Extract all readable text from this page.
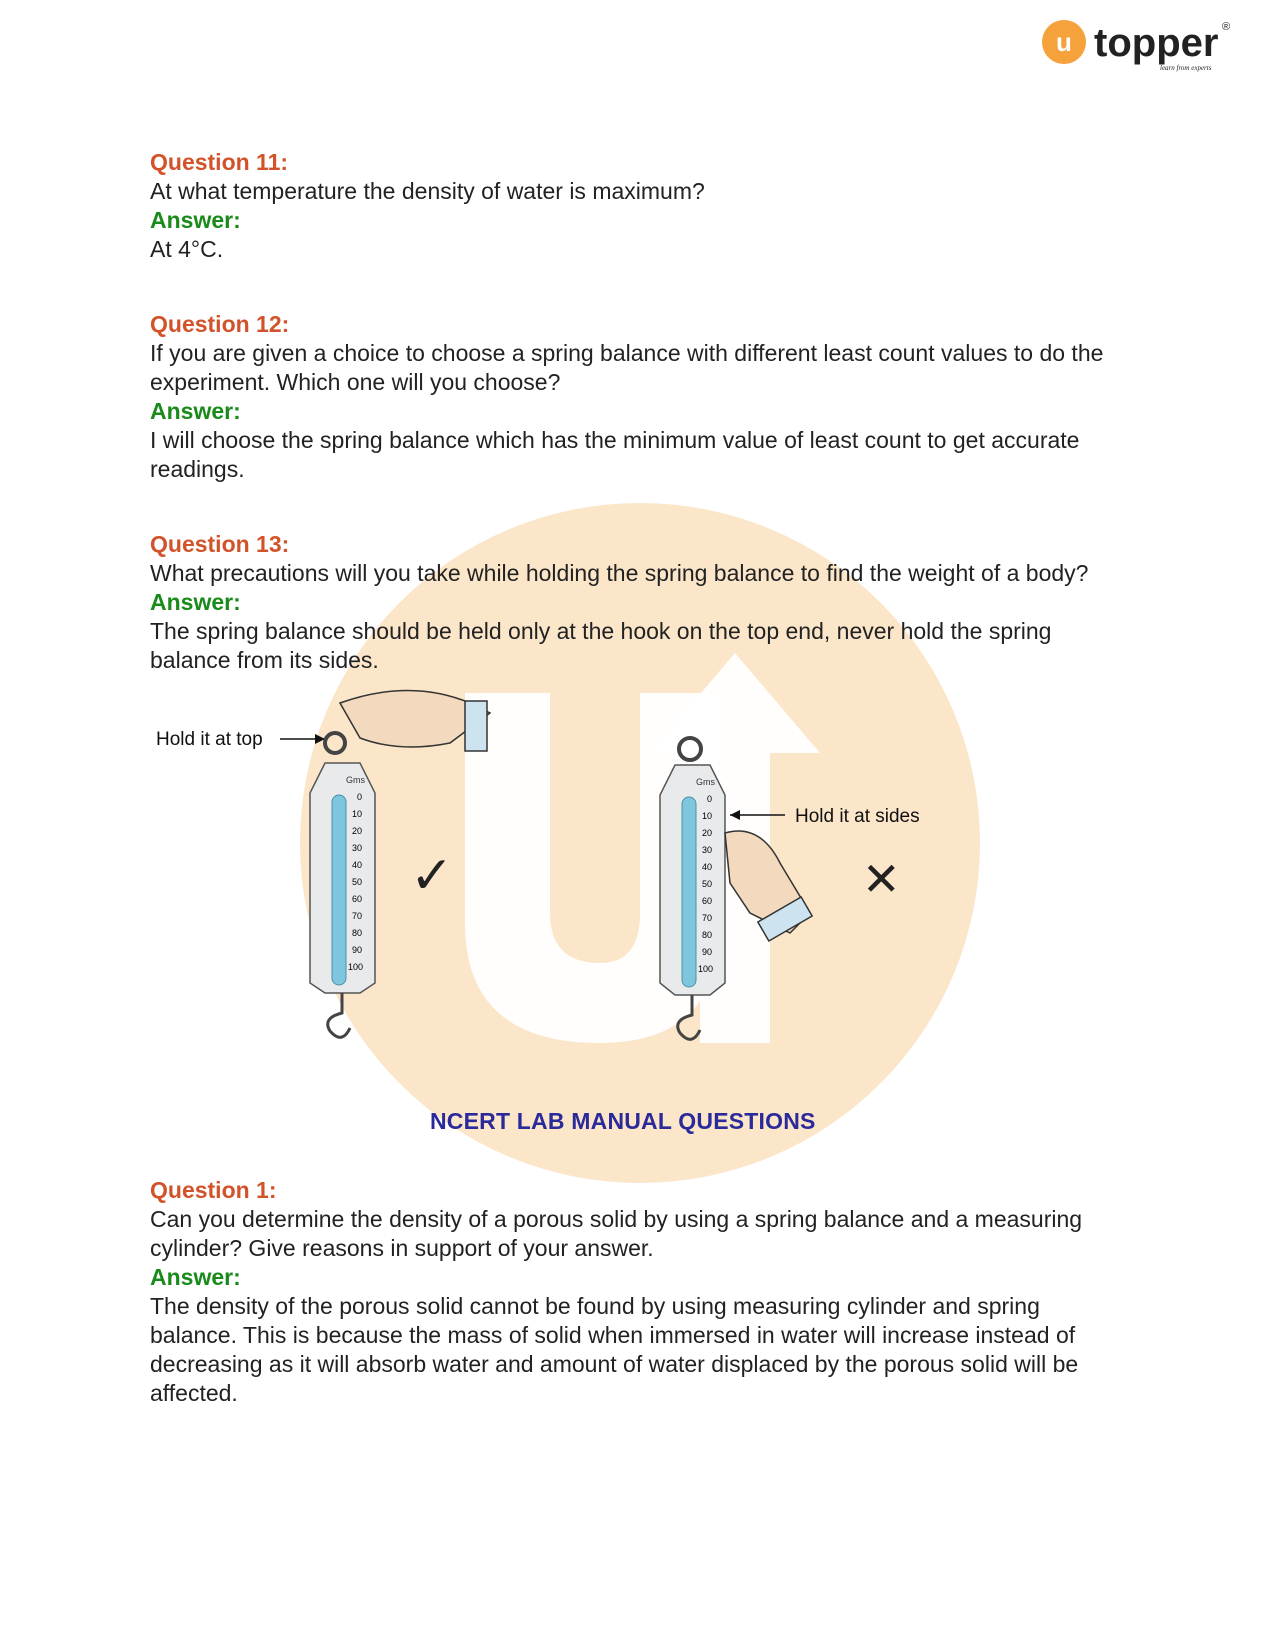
u topper ®
learn from experts
Question 11:
At what temperature the density of water is maximum?
Answer:
At 4°C.
Question 12:
If you are given a choice to choose a spring balance with different least count values to do the experiment. Which one will you choose?
Answer:
I will choose the spring balance which has the minimum value of least count to get accurate readings.
Question 13:
What precautions will you take while holding the spring balance to find the weight of a body?
Answer:
The spring balance should be held only at the hook on the top end, never hold the spring balance from its sides.
Hold it at top
Gms
0
10
20
30
40
50
60
70
80
90
100
✓
Gms
0
10
20
30
40
50
60
70
80
90
100
Hold it at sides
✕
NCERT LAB MANUAL QUESTIONS
Question 1:
Can you determine the density of a porous solid by using a spring balance and a measuring cylinder? Give reasons in support of your answer.
Answer:
The density of the porous solid cannot be found by using measuring cylinder and spring balance. This is because the mass of solid when immersed in water will increase instead of decreasing as it will absorb water and amount of water displaced by the porous solid will be affected.
